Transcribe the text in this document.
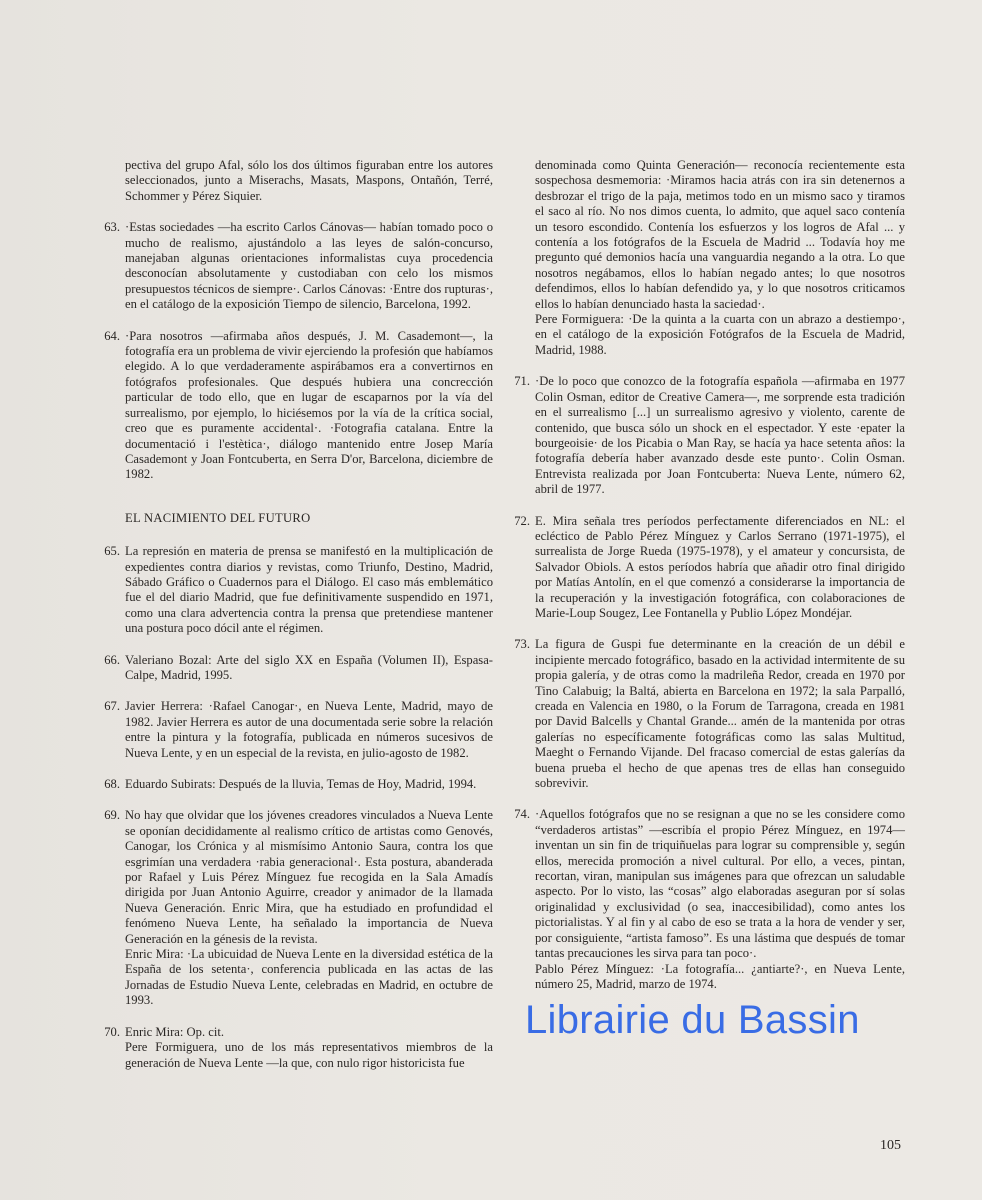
pectiva del grupo Afal, sólo los dos últimos figuraban entre los autores seleccionados, junto a Miserachs, Masats, Maspons, Ontañón, Terré, Schommer y Pérez Siquier.

63. ·Estas sociedades —ha escrito Carlos Cánovas— habían tomado poco o mucho de realismo, ajustándolo a las leyes de salón-concurso, manejaban algunas orientaciones informalistas cuya procedencia desconocían absolutamente y custodiaban con celo los mismos presupuestos técnicos de siempre·. Carlos Cánovas: ·Entre dos rupturas·, en el catálogo de la exposición Tiempo de silencio, Barcelona, 1992.

64. ·Para nosotros —afirmaba años después, J. M. Casademont—, la fotografía era un problema de vivir ejerciendo la profesión que habíamos elegido. A lo que verdaderamente aspirábamos era a convertirnos en fotógrafos profesionales. Que después hubiera una concrección particular de todo ello, que en lugar de escaparnos por la vía del surrealismo, por ejemplo, lo hiciésemos por la vía de la crítica social, creo que es puramente accidental·. ·Fotografia catalana. Entre la documentació i l'estètica·, diálogo mantenido entre Josep María Casademont y Joan Fontcuberta, en Serra D'or, Barcelona, diciembre de 1982.

EL NACIMIENTO DEL FUTURO
65. La represión en materia de prensa se manifestó en la multiplicación de expedientes contra diarios y revistas, como Triunfo, Destino, Madrid, Sábado Gráfico o Cuadernos para el Diálogo. El caso más emblemático fue el del diario Madrid, que fue definitivamente suspendido en 1971, como una clara advertencia contra la prensa que pretendiese mantener una postura poco dócil ante el régimen.

66. Valeriano Bozal: Arte del siglo XX en España (Volumen II), Espasa-Calpe, Madrid, 1995.

67. Javier Herrera: ·Rafael Canogar·, en Nueva Lente, Madrid, mayo de 1982. Javier Herrera es autor de una documentada serie sobre la relación entre la pintura y la fotografía, publicada en números sucesivos de Nueva Lente, y en un especial de la revista, en julio-agosto de 1982.

68. Eduardo Subirats: Después de la lluvia, Temas de Hoy, Madrid, 1994.

69. No hay que olvidar que los jóvenes creadores vinculados a Nueva Lente se oponían decididamente al realismo crítico de artistas como Genovés, Canogar, los Crónica y al mismísimo Antonio Saura, contra los que esgrimían una verdadera ·rabia generacional·. Esta postura, abanderada por Rafael y Luis Pérez Mínguez fue recogida en la Sala Amadís dirigida por Juan Antonio Aguirre, creador y animador de la llamada Nueva Generación. Enric Mira, que ha estudiado en profundidad el fenómeno Nueva Lente, ha señalado la importancia de Nueva Generación en la génesis de la revista.

Enric Mira: ·La ubicuidad de Nueva Lente en la diversidad estética de la España de los setenta·, conferencia publicada en las actas de las Jornadas de Estudio Nueva Lente, celebradas en Madrid, en octubre de 1993.

70. Enric Mira: Op. cit.

Pere Formiguera, uno de los más representativos miembros de la generación de Nueva Lente —la que, con nulo rigor historicista fue

denominada como Quinta Generación— reconocía recientemente esta sospechosa desmemoria: ·Miramos hacia atrás con ira sin detenernos a desbrozar el trigo de la paja, metimos todo en un mismo saco y tiramos el saco al río. No nos dimos cuenta, lo admito, que aquel saco contenía un tesoro escondido. Contenía los esfuerzos y los logros de Afal ... y contenía a los fotógrafos de la Escuela de Madrid ... Todavía hoy me pregunto qué demonios hacía una vanguardia negando a la otra. Lo que nosotros negábamos, ellos lo habían negado antes; lo que nosotros defendimos, ellos lo habían defendido ya, y lo que nosotros criticamos ellos lo habían denunciado hasta la saciedad·.

Pere Formiguera: ·De la quinta a la cuarta con un abrazo a destiempo·, en el catálogo de la exposición Fotógrafos de la Escuela de Madrid, Madrid, 1988.

71. ·De lo poco que conozco de la fotografía española —afirmaba en 1977 Colin Osman, editor de Creative Camera—, me sorprende esta tradición en el surrealismo [...] un surrealismo agresivo y violento, carente de contenido, que busca sólo un shock en el espectador. Y este ·epater la bourgeoisie· de los Picabia o Man Ray, se hacía ya hace setenta años: la fotografía debería haber avanzado desde este punto·. Colin Osman. Entrevista realizada por Joan Fontcuberta: Nueva Lente, número 62, abril de 1977.

72. E. Mira señala tres períodos perfectamente diferenciados en NL: el ecléctico de Pablo Pérez Mínguez y Carlos Serrano (1971-1975), el surrealista de Jorge Rueda (1975-1978), y el amateur y concursista, de Salvador Obiols. A estos períodos habría que añadir otro final dirigido por Matías Antolín, en el que comenzó a considerarse la importancia de la recuperación y la investigación fotográfica, con colaboraciones de Marie-Loup Sougez, Lee Fontanella y Publio López Mondéjar.

73. La figura de Guspi fue determinante en la creación de un débil e incipiente mercado fotográfico, basado en la actividad intermitente de su propia galería, y de otras como la madrileña Redor, creada en 1970 por Tino Calabuig; la Baltá, abierta en Barcelona en 1972; la sala Parpalló, creada en Valencia en 1980, o la Forum de Tarragona, creada en 1981 por David Balcells y Chantal Grande... amén de la mantenida por otras galerías no específicamente fotográficas como las salas Multitud, Maeght o Fernando Vijande. Del fracaso comercial de estas galerías da buena prueba el hecho de que apenas tres de ellas han conseguido sobrevivir.

74. ·Aquellos fotógrafos que no se resignan a que no se les considere como “verdaderos artistas” —escribía el propio Pérez Mínguez, en 1974— inventan un sin fin de triquiñuelas para lograr su comprensible y, según ellos, merecida promoción a nivel cultural. Por ello, a veces, pintan, recortan, viran, manipulan sus imágenes para que ofrezcan un saludable aspecto. Por lo visto, las “cosas” algo elaboradas aseguran por sí solas originalidad y exclusividad (o sea, inaccesibilidad), como antes los pictorialistas. Y al fin y al cabo de eso se trata a la hora de vender y ser, por consiguiente, “artista famoso”. Es una lástima que después de tomar tantas precauciones les sirva para tan poco·.

Pablo Pérez Mínguez: ·La fotografía... ¿antiarte?·, en Nueva Lente, número 25, Madrid, marzo de 1974.

105
Librairie du Bassin
